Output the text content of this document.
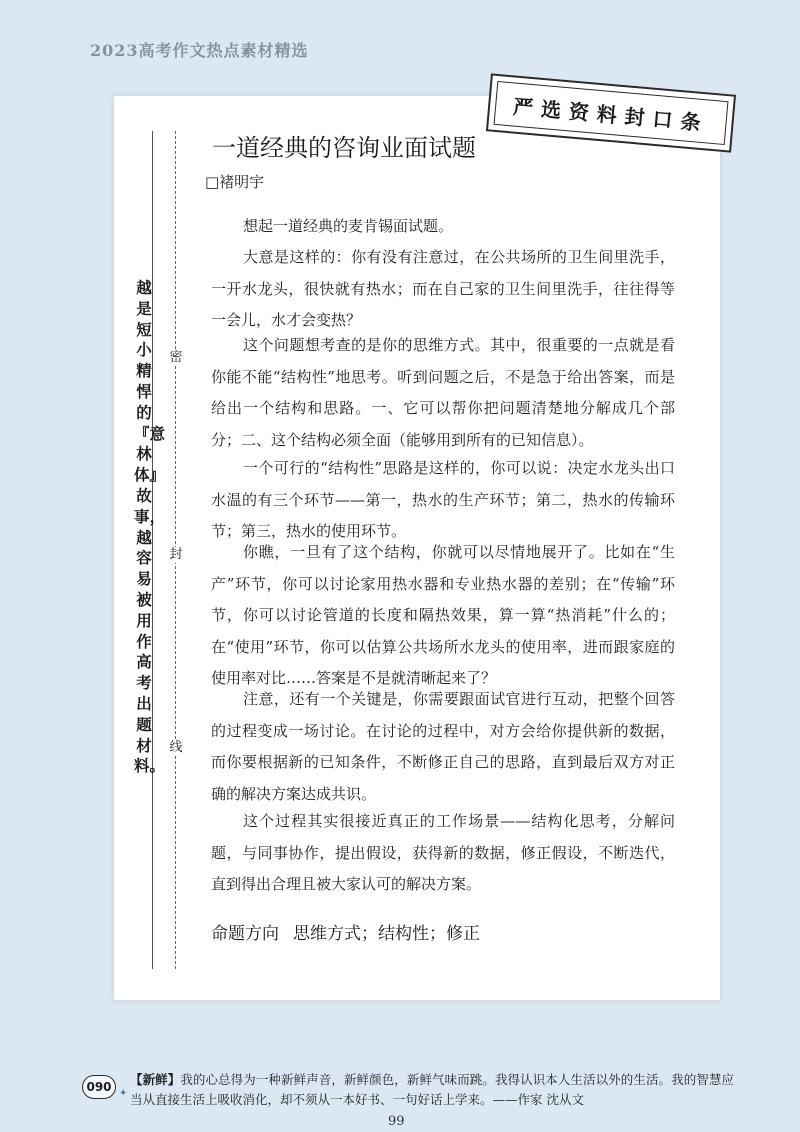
2023高考作文热点素材精选
严选资料封口条
密
封
线
越是短小精悍的『意林体』故事，越容易被用作高考出题材料。
一道经典的咨询业面试题
□褚明宇

想起一道经典的麦肯锡面试题。

大意是这样的：你有没有注意过，在公共场所的卫生间里洗手，一开水龙头，很快就有热水；而在自己家的卫生间里洗手，往往得等一会儿，水才会变热？

这个问题想考查的是你的思维方式。其中，很重要的一点就是看你能不能“结构性”地思考。听到问题之后，不是急于给出答案，而是给出一个结构和思路。一、它可以帮你把问题清楚地分解成几个部分；二、这个结构必须全面（能够用到所有的已知信息）。

一个可行的“结构性”思路是这样的，你可以说：决定水龙头出口水温的有三个环节——第一，热水的生产环节；第二，热水的传输环节；第三，热水的使用环节。

你瞧，一旦有了这个结构，你就可以尽情地展开了。比如在“生产”环节，你可以讨论家用热水器和专业热水器的差别；在“传输”环节，你可以讨论管道的长度和隔热效果，算一算“热消耗”什么的；在“使用”环节，你可以估算公共场所水龙头的使用率，进而跟家庭的使用率对比……答案是不是就清晰起来了？

注意，还有一个关键是，你需要跟面试官进行互动，把整个回答的过程变成一场讨论。在讨论的过程中，对方会给你提供新的数据，而你要根据新的已知条件，不断修正自己的思路，直到最后双方对正确的解决方案达成共识。

这个过程其实很接近真正的工作场景——结构化思考，分解问题，与同事协作，提出假设，获得新的数据，修正假设，不断迭代，直到得出合理且被大家认可的解决方案。

命题方向 思维方式；结构性；修正
090 ✦
【新鲜】我的心总得为一种新鲜声音，新鲜颜色，新鲜气味而跳。我得认识本人生活以外的生活。我的智慧应当从直接生活上吸收消化，却不须从一本好书、一句好话上学来。——作家 沈从文
99
